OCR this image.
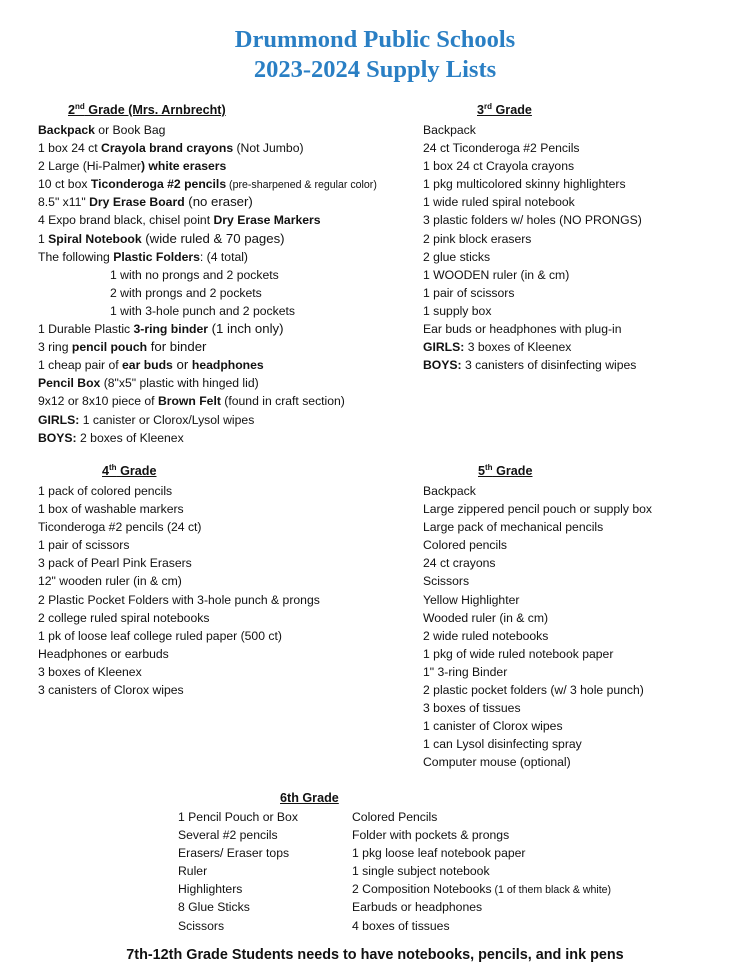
Drummond Public Schools
2023-2024 Supply Lists
2nd Grade (Mrs. Arnbrecht)
Backpack or Book Bag
1 box 24 ct Crayola brand crayons (Not Jumbo)
2 Large (Hi-Palmer) white erasers
10 ct box Ticonderoga #2 pencils (pre-sharpened & regular color)
8.5" x11" Dry Erase Board (no eraser)
4 Expo brand black, chisel point Dry Erase Markers
1 Spiral Notebook (wide ruled & 70 pages)
The following Plastic Folders: (4 total)
1 with no prongs and 2 pockets
2 with prongs and 2 pockets
1 with 3-hole punch and 2 pockets
1 Durable Plastic 3-ring binder (1 inch only)
3 ring pencil pouch for binder
1 cheap pair of ear buds or headphones
Pencil Box (8"x5" plastic with hinged lid)
9x12 or 8x10 piece of Brown Felt (found in craft section)
GIRLS: 1 canister or Clorox/Lysol wipes
BOYS: 2 boxes of Kleenex
3rd Grade
Backpack
24 ct Ticonderoga #2 Pencils
1 box 24 ct Crayola crayons
1 pkg multicolored skinny highlighters
1 wide ruled spiral notebook
3 plastic folders w/ holes (NO PRONGS)
2 pink block erasers
2 glue sticks
1 WOODEN ruler (in & cm)
1 pair of scissors
1 supply box
Ear buds or headphones with plug-in
GIRLS: 3 boxes of Kleenex
BOYS: 3 canisters of disinfecting wipes
4th Grade
1 pack of colored pencils
1 box of washable markers
Ticonderoga #2 pencils (24 ct)
1 pair of scissors
3 pack of Pearl Pink Erasers
12" wooden ruler (in & cm)
2 Plastic Pocket Folders with 3-hole punch & prongs
2 college ruled spiral notebooks
1 pk of loose leaf college ruled paper (500 ct)
Headphones or earbuds
3 boxes of Kleenex
3 canisters of Clorox wipes
5th Grade
Backpack
Large zippered pencil pouch or supply box
Large pack of mechanical pencils
Colored pencils
24 ct crayons
Scissors
Yellow Highlighter
Wooded ruler (in & cm)
2 wide ruled notebooks
1 pkg of wide ruled notebook paper
1" 3-ring Binder
2 plastic pocket folders (w/ 3 hole punch)
3 boxes of tissues
1 canister of Clorox wipes
1 can Lysol disinfecting spray
Computer mouse (optional)
6th Grade
1 Pencil Pouch or Box
Several #2 pencils
Erasers/ Eraser tops
Ruler
Highlighters
8 Glue Sticks
Scissors
Colored Pencils
Folder with pockets & prongs
1 pkg loose leaf notebook paper
1 single subject notebook
2 Composition Notebooks (1 of them black & white)
Earbuds or headphones
4 boxes of tissues
7th-12th Grade Students needs to have notebooks, pencils, and ink pens
